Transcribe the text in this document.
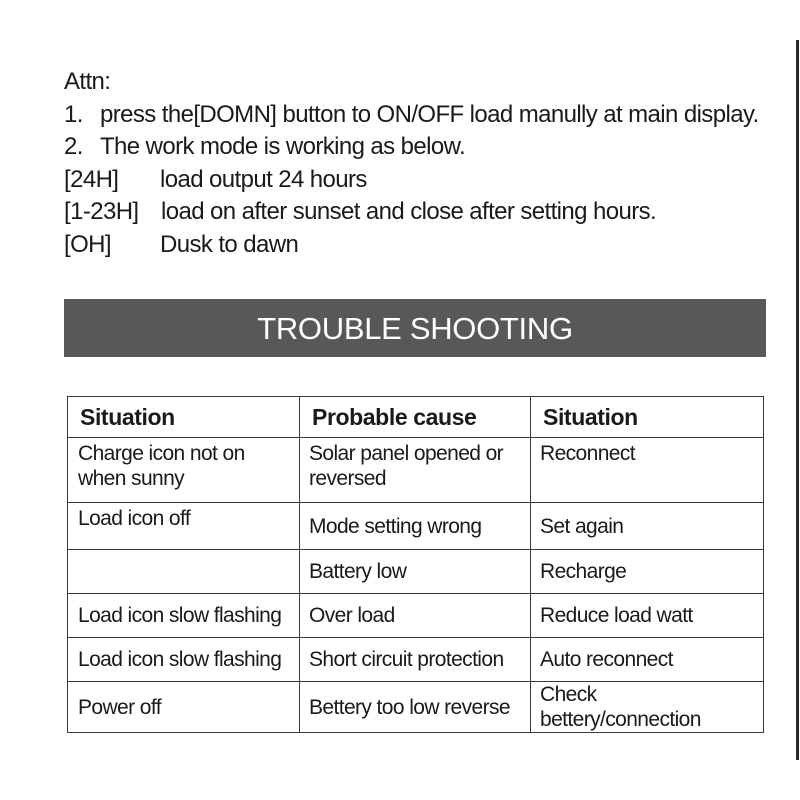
Attn:
1. press the[DOMN] button to ON/OFF load manully at main display.
2. The work mode is working as below.
[24H] load output 24 hours
[1-23H] load on after sunset and close after setting hours.
[OH] Dusk to dawn
TROUBLE SHOOTING
Situation	Probable cause	Situation
Charge icon not on when sunny	Solar panel opened or reversed	Reconnect
Load icon off	Mode setting wrong	Set again
	Battery low	Recharge
Load icon slow flashing	Over load	Reduce load watt
Load icon slow flashing	Short circuit protection	Auto reconnect
Power off	Bettery too low reverse	Check bettery/connection
